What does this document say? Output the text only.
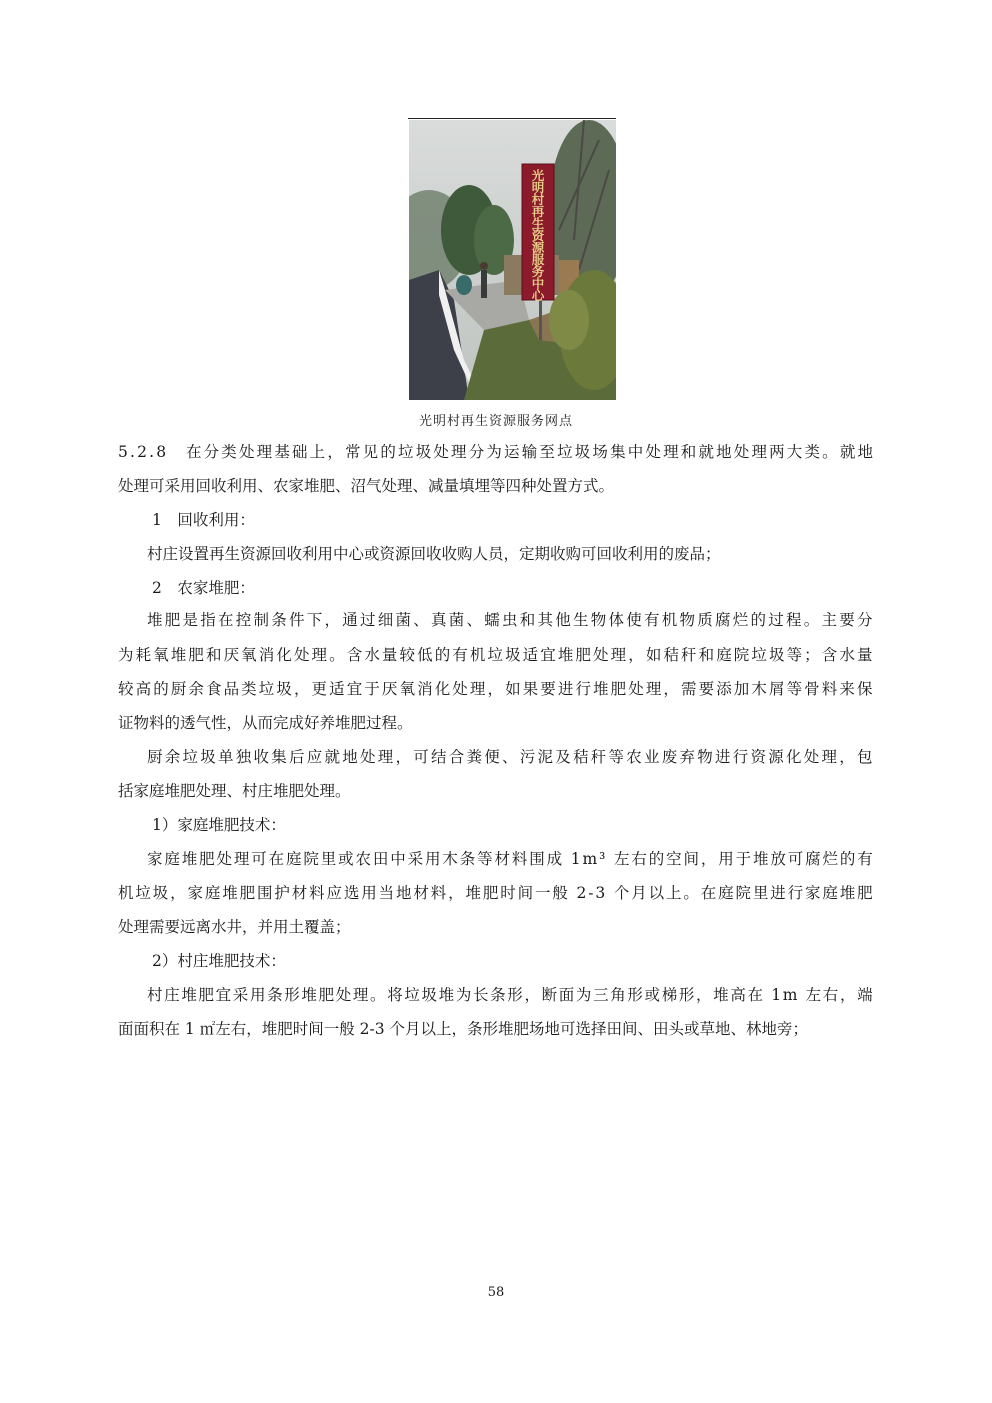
光明村再生资源服务中心
光明村再生资源服务网点
5 . 2 . 8
　 在 分 类 处 理 基 础 上 ， 常 见 的 垃 圾 处 理 分 为 运 输 至 垃 圾 场 集 中 处 理 和 就 地 处 理 两 大 类 。 就 地
处理可采用回收利用、农家堆肥、沼气处理、减量填埋等四种处置方式。
1　回收利用：
村庄设置再生资源回收利用中心或资源回收收购人员，定期收购可回收利用的废品；
2　农家堆肥：
堆 肥 是 指 在 控 制 条 件 下 ， 通 过 细 菌 、 真 菌 、 蠕 虫 和 其 他 生 物 体 使 有 机 物 质 腐 烂 的 过 程 。 主 要 分
为 耗 氧 堆 肥 和 厌 氧 消 化 处 理 。 含 水 量 较 低 的 有 机 垃 圾 适 宜 堆 肥 处 理 ， 如 秸 秆 和 庭 院 垃 圾 等 ； 含 水 量
较 高 的 厨 余 食 品 类 垃 圾 ， 更 适 宜 于 厌 氧 消 化 处 理 ， 如 果 要 进 行 堆 肥 处 理 ， 需 要 添 加 木 屑 等 骨 料 来 保
证物料的透气性，从而完成好养堆肥过程。
厨 余 垃 圾 单 独 收 集 后 应 就 地 处 理 ， 可 结 合 粪 便 、 污 泥 及 秸 秆 等 农 业 废 弃 物 进 行 资 源 化 处 理 ， 包
括家庭堆肥处理、村庄堆肥处理。
1）家庭堆肥技术：
家 庭 堆 肥 处 理 可 在 庭 院 里 或 农 田 中 采 用 木 条 等 材 料 围 成
1 m ³
左 右 的 空 间 ， 用 于 堆 放 可 腐 烂 的 有
机 垃 圾 ， 家 庭 堆 肥 围 护 材 料 应 选 用 当 地 材 料 ， 堆 肥 时 间 一 般
2 - 3
个 月 以 上 。 在 庭 院 里 进 行 家 庭 堆 肥
处理需要远离水井，并用土覆盖；
2）村庄堆肥技术：
村 庄 堆 肥 宜 采 用 条 形 堆 肥 处 理 。 将 垃 圾 堆 为 长 条 形 ， 断 面 为 三 角 形 或 梯 形 ， 堆 高 在
1 m
左 右 ， 端
面面积在 1 ㎡左右，堆肥时间一般 2-3 个月以上，条形堆肥场地可选择田间、田头或草地、林地旁；
58
